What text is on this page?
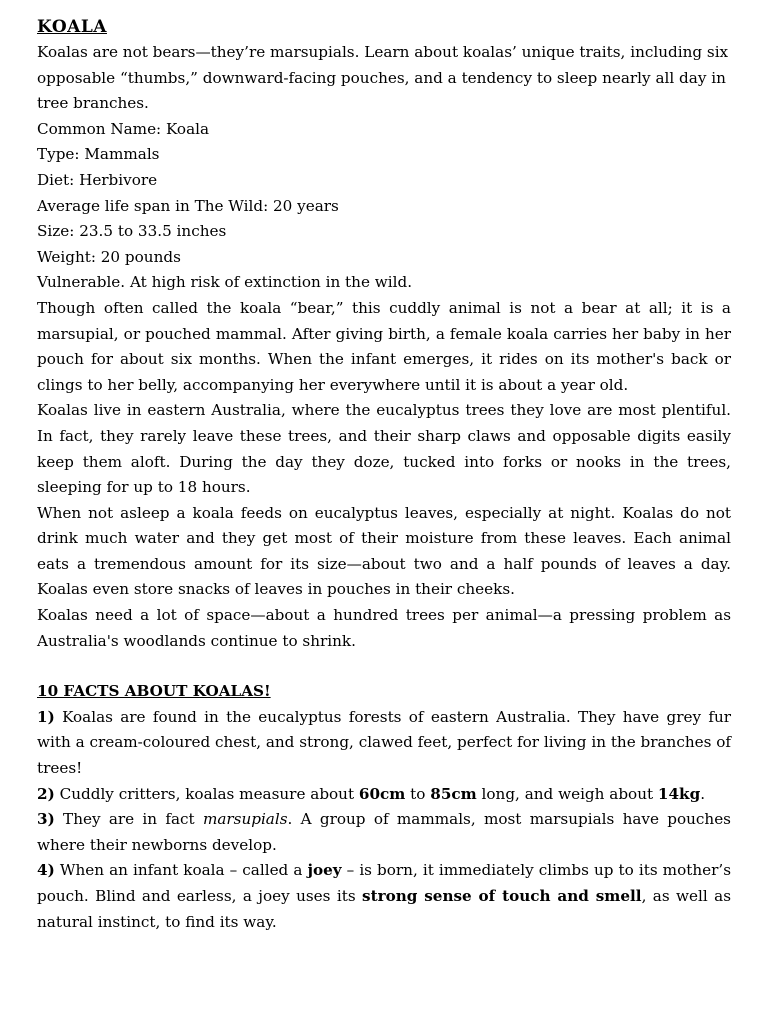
KOALA

Koalas are not bears—they’re marsupials. Learn about koalas’ unique traits, including six opposable “thumbs,” downward-facing pouches, and a tendency to sleep nearly all day in tree branches.

Common Name: Koala

Type: Mammals

Diet: Herbivore

Average life span in The Wild: 20 years

Size: 23.5 to 33.5 inches

Weight: 20 pounds

Vulnerable. At high risk of extinction in the wild.

Though often called the koala “bear,” this cuddly animal is not a bear at all; it is a marsupial, or pouched mammal. After giving birth, a female koala carries her baby in her pouch for about six months. When the infant emerges, it rides on its mother's back or clings to her belly, accompanying her everywhere until it is about a year old.

Koalas live in eastern Australia, where the eucalyptus trees they love are most plentiful. In fact, they rarely leave these trees, and their sharp claws and opposable digits easily keep them aloft. During the day they doze, tucked into forks or nooks in the trees, sleeping for up to 18 hours.

When not asleep a koala feeds on eucalyptus leaves, especially at night. Koalas do not drink much water and they get most of their moisture from these leaves. Each animal eats a tremendous amount for its size—about two and a half pounds of leaves a day. Koalas even store snacks of leaves in pouches in their cheeks.

Koalas need a lot of space—about a hundred trees per animal—a pressing problem as Australia's woodlands continue to shrink.

10 FACTS ABOUT KOALAS!

1) Koalas are found in the eucalyptus forests of eastern Australia. They have grey fur with a cream-coloured chest, and strong, clawed feet, perfect for living in the branches of trees!

2) Cuddly critters, koalas measure about 60cm to 85cm long, and weigh about 14kg.

3) They are in fact marsupials. A group of mammals, most marsupials have pouches where their newborns develop.

4) When an infant koala – called a joey – is born, it immediately climbs up to its mother’s pouch. Blind and earless, a joey uses its strong sense of touch and smell, as well as natural instinct, to find its way.
